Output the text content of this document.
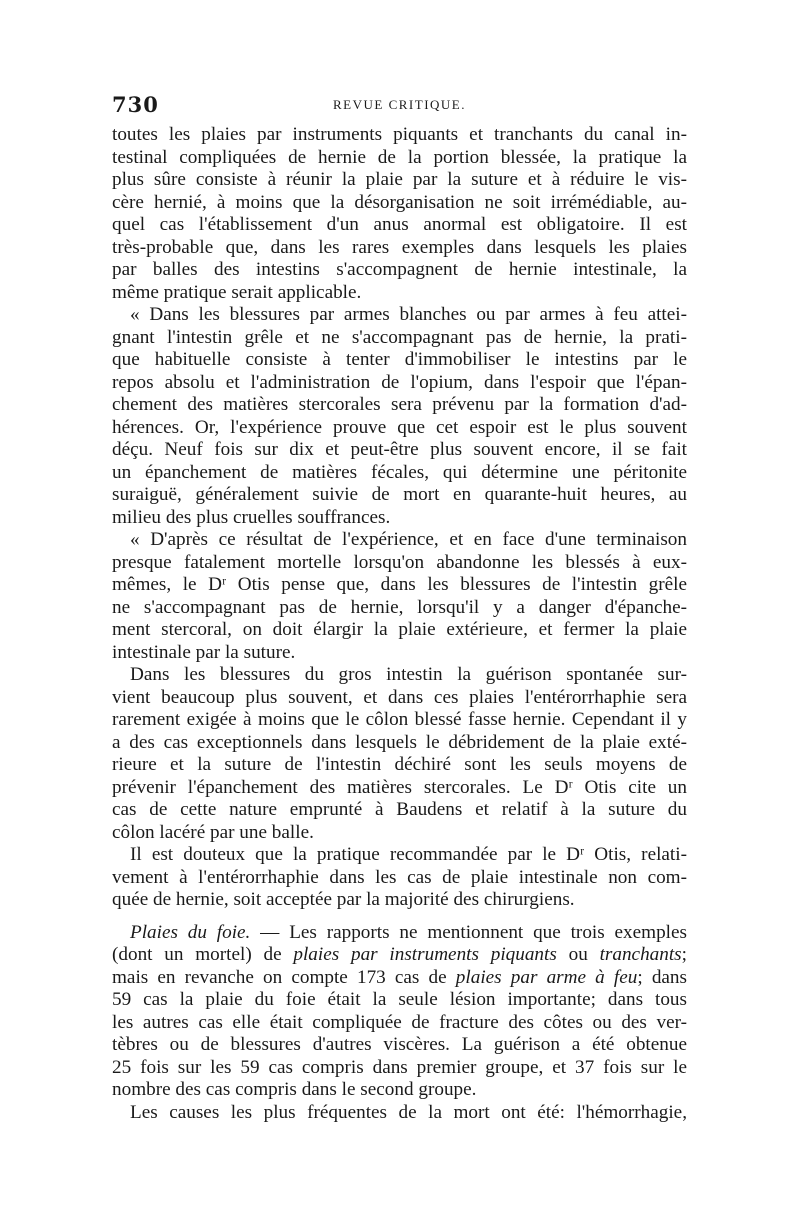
730	REVUE CRITIQUE.
toutes les plaies par instruments piquants et tranchants du canal in-
testinal compliquées de hernie de la portion blessée, la pratique la
plus sûre consiste à réunir la plaie par la suture et à réduire le vis-
cère hernié, à moins que la désorganisation ne soit irrémédiable, au-
quel cas l'établissement d'un anus anormal est obligatoire. Il est
très-probable que, dans les rares exemples dans lesquels les plaies
par balles des intestins s'accompagnent de hernie intestinale, la
même pratique serait applicable.
« Dans les blessures par armes blanches ou par armes à feu attei-
gnant l'intestin grêle et ne s'accompagnant pas de hernie, la prati-
que habituelle consiste à tenter d'immobiliser le intestins par le
repos absolu et l'administration de l'opium, dans l'espoir que l'épan-
chement des matières stercorales sera prévenu par la formation d'ad-
hérences. Or, l'expérience prouve que cet espoir est le plus souvent
déçu. Neuf fois sur dix et peut-être plus souvent encore, il se fait
un épanchement de matières fécales, qui détermine une péritonite
suraiguë, généralement suivie de mort en quarante-huit heures, au
milieu des plus cruelles souffrances.
« D'après ce résultat de l'expérience, et en face d'une terminaison
presque fatalement mortelle lorsqu'on abandonne les blessés à eux-
mêmes, le Dʳ Otis pense que, dans les blessures de l'intestin grêle
ne s'accompagnant pas de hernie, lorsqu'il y a danger d'épanche-
ment stercoral, on doit élargir la plaie extérieure, et fermer la plaie
intestinale par la suture.
Dans les blessures du gros intestin la guérison spontanée sur-
vient beaucoup plus souvent, et dans ces plaies l'entérorrhaphie sera
rarement exigée à moins que le côlon blessé fasse hernie. Cependant il y
a des cas exceptionnels dans lesquels le débridement de la plaie exté-
rieure et la suture de l'intestin déchiré sont les seuls moyens de
prévenir l'épanchement des matières stercorales. Le Dʳ Otis cite un
cas de cette nature emprunté à Baudens et relatif à la suture du
côlon lacéré par une balle.
Il est douteux que la pratique recommandée par le Dʳ Otis, relati-
vement à l'entérorrhaphie dans les cas de plaie intestinale non com-
quée de hernie, soit acceptée par la majorité des chirurgiens.
Plaies du foie. — Les rapports ne mentionnent que trois exemples
(dont un mortel) de plaies par instruments piquants ou tranchants;
mais en revanche on compte 173 cas de plaies par arme à feu; dans
59 cas la plaie du foie était la seule lésion importante; dans tous
les autres cas elle était compliquée de fracture des côtes ou des ver-
tèbres ou de blessures d'autres viscères. La guérison a été obtenue
25 fois sur les 59 cas compris dans premier groupe, et 37 fois sur le
nombre des cas compris dans le second groupe.
Les causes les plus fréquentes de la mort ont été: l'hémorrhagie,
